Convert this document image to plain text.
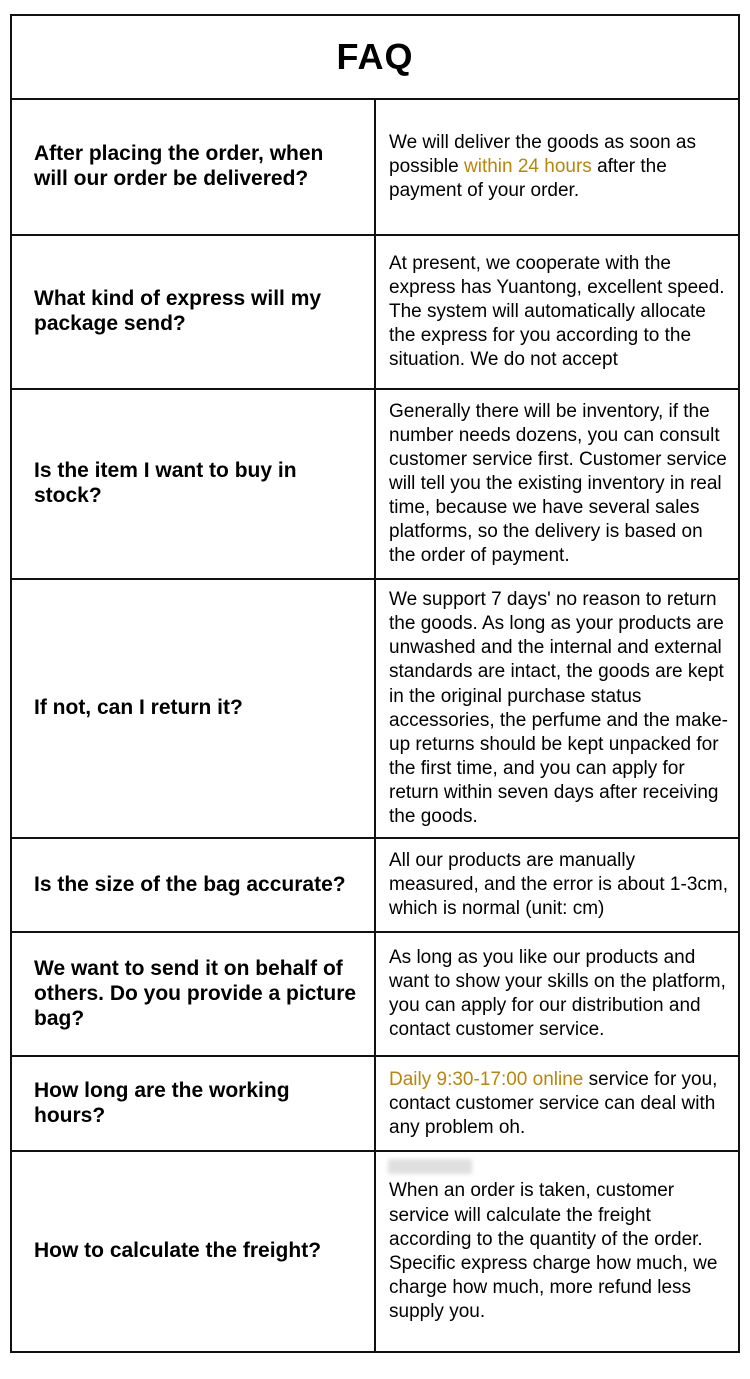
FAQ	
After placing the order, when will our order be delivered?	We will deliver the goods as soon as possible within 24 hours after the payment of your order.

What kind of express will my package send?	At present, we cooperate with the express has Yuantong, excellent speed. The system will automatically allocate the express for you according to the situation. We do not accept

Is the item I want to buy in stock?	Generally there will be inventory, if the number needs dozens, you can consult customer service first. Customer service will tell you the existing inventory in real time, because we have several sales platforms, so the delivery is based on the order of payment.

If not, can I return it?	We support 7 days' no reason to return the goods. As long as your products are unwashed and the internal and external standards are intact, the goods are kept in the original purchase status accessories, the perfume and the make-up returns should be kept unpacked for the first time, and you can apply for return within seven days after receiving the goods.

Is the size of the bag accurate?	All our products are manually measured, and the error is about 1-3cm, which is normal (unit: cm)

We want to send it on behalf of others. Do you provide a picture bag?	As long as you like our products and want to show your skills on the platform, you can apply for our distribution and contact customer service.

How long are the working hours?	Daily 9:30-17:00 online service for you, contact customer service can deal with any problem oh.

How to calculate the freight?	When an order is taken, customer service will calculate the freight according to the quantity of the order. Specific express charge how much, we charge how much, more refund less supply you.
